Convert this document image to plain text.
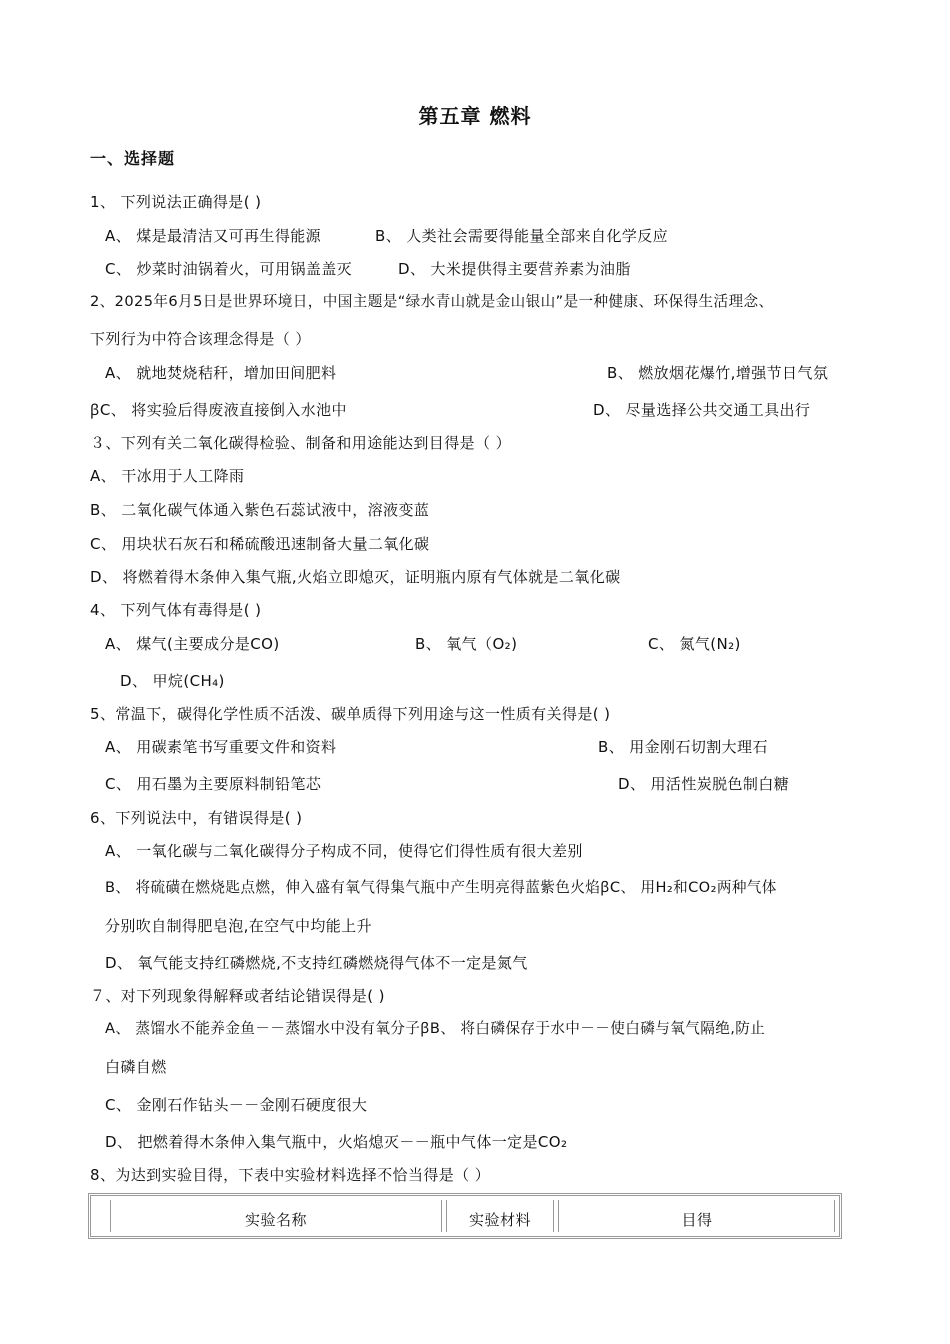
第五章 燃料
一、选择题
1、 下列说法正确得是( )
A、 煤是最清洁又可再生得能源	B、 人类社会需要得能量全部来自化学反应
C、 炒菜时油锅着火，可用锅盖盖灭	D、 大米提供得主要营养素为油脂
2、2025年6月5日是世界环境日，中国主题是“绿水青山就是金山银山”是一种健康、环保得生活理念、
下列行为中符合该理念得是（ ）
A、 就地焚烧秸秆，增加田间肥料	B、 燃放烟花爆竹,增强节日气氛
ꞵC、 将实验后得废液直接倒入水池中	D、 尽量选择公共交通工具出行
３、下列有关二氧化碳得检验、制备和用途能达到目得是（ ）
A、 干冰用于人工降雨
B、 二氧化碳气体通入紫色石蕊试液中，溶液变蓝
C、 用块状石灰石和稀硫酸迅速制备大量二氧化碳
D、 将燃着得木条伸入集气瓶,火焰立即熄灭，证明瓶内原有气体就是二氧化碳
4、 下列气体有毒得是( )
A、 煤气(主要成分是CO)	B、 氧气（O₂)	C、 氮气(N₂)
D、 甲烷(CH₄)
5、常温下，碳得化学性质不活泼、碳单质得下列用途与这一性质有关得是( )
A、 用碳素笔书写重要文件和资料	B、 用金刚石切割大理石
C、 用石墨为主要原料制铅笔芯	D、 用活性炭脱色制白糖
6、下列说法中，有错误得是( )
A、 一氧化碳与二氧化碳得分子构成不同，使得它们得性质有很大差别
B、 将硫磺在燃烧匙点燃，伸入盛有氧气得集气瓶中产生明亮得蓝紫色火焰ꞵC、 用H₂和CO₂两种气体
分别吹自制得肥皂泡,在空气中均能上升
D、 氧气能支持红磷燃烧,不支持红磷燃烧得气体不一定是氮气
７、对下列现象得解释或者结论错误得是( )
A、 蒸馏水不能养金鱼－－蒸馏水中没有氧分子ꞵB、 将白磷保存于水中－－使白磷与氧气隔绝,防止
白磷自燃
C、 金刚石作钻头－－金刚石硬度很大
D、 把燃着得木条伸入集气瓶中，火焰熄灭－－瓶中气体一定是CO₂
8、为达到实验目得，下表中实验材料选择不恰当得是（ ）
实验名称	实验材料	目得
